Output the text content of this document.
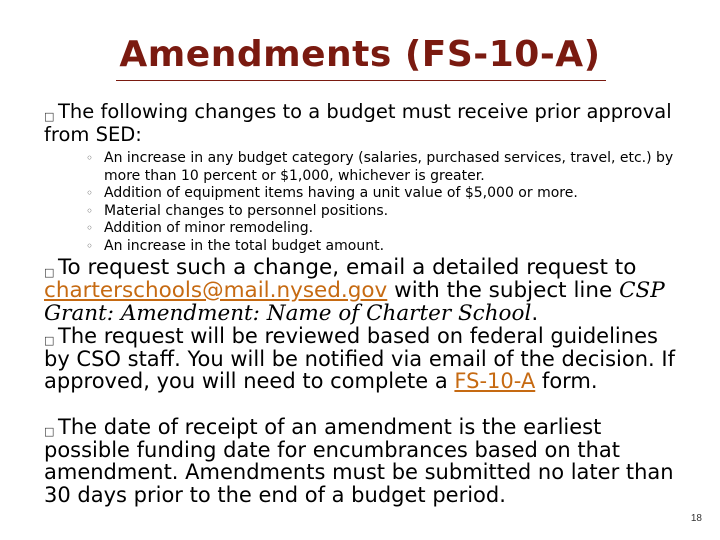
Amendments (FS-10-A)
□ The following changes to a budget must receive prior approval from SED:
◦ An increase in any budget category (salaries, purchased services, travel, etc.) by more than 10 percent or $1,000, whichever is greater.
◦ Addition of equipment items having a unit value of $5,000 or more.
◦ Material changes to personnel positions.
◦ Addition of minor remodeling.
◦ An increase in the total budget amount.
□ To request such a change, email a detailed request to charterschools@mail.nysed.gov with the subject line CSP Grant: Amendment: Name of Charter School.
□ The request will be reviewed based on federal guidelines by CSO staff. You will be notified via email of the decision. If approved, you will need to complete a FS-10-A form.
□ The date of receipt of an amendment is the earliest possible funding date for encumbrances based on that amendment. Amendments must be submitted no later than 30 days prior to the end of a budget period.
18
